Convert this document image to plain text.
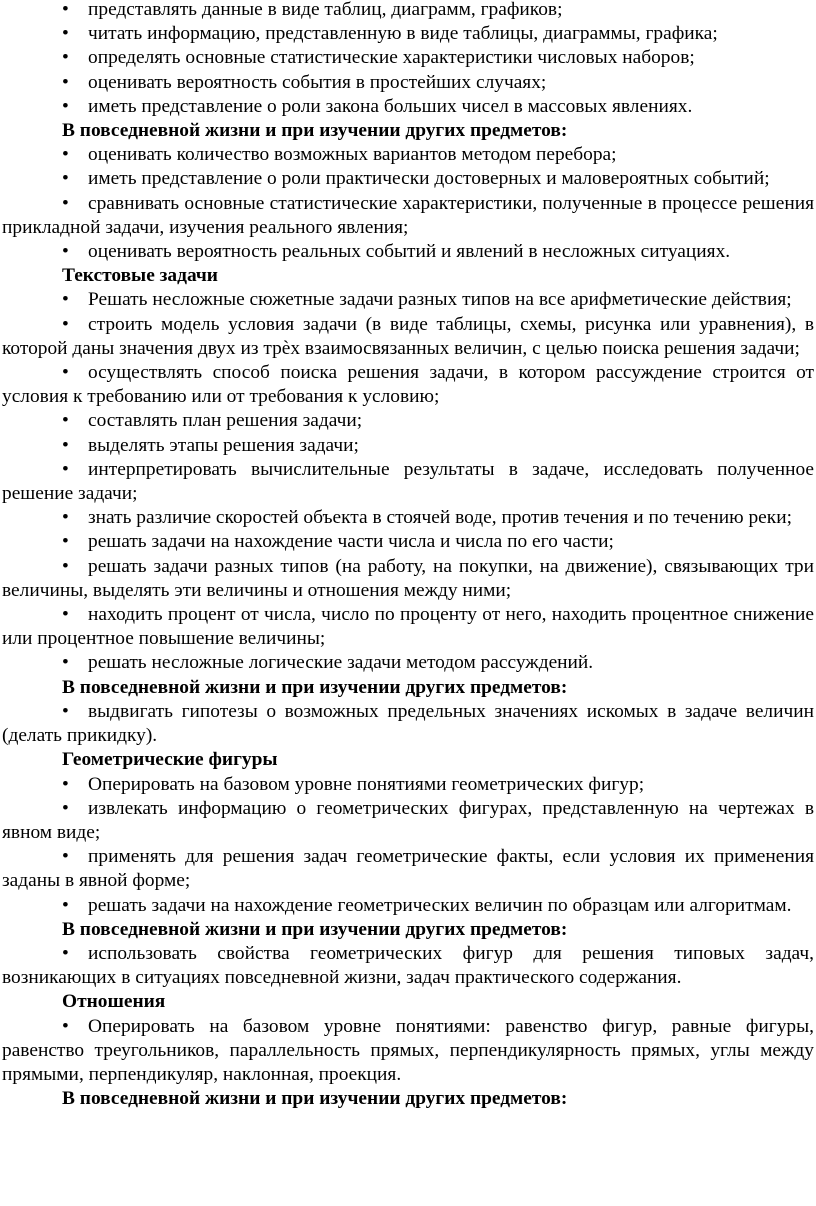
• представлять данные в виде таблиц, диаграмм, графиков;
• читать информацию, представленную в виде таблицы, диаграммы, графика;
• определять основные статистические характеристики числовых наборов;
• оценивать вероятность события в простейших случаях;
• иметь представление о роли закона больших чисел в массовых явлениях.
В повседневной жизни и при изучении других предметов:
• оценивать количество возможных вариантов методом перебора;
• иметь представление о роли практически достоверных и маловероятных событий;
• сравнивать основные статистические характеристики, полученные в процессе решения прикладной задачи, изучения реального явления;
• оценивать вероятность реальных событий и явлений в несложных ситуациях.
Текстовые задачи
• Решать несложные сюжетные задачи разных типов на все арифметические действия;
• строить модель условия задачи (в виде таблицы, схемы, рисунка или уравнения), в которой даны значения двух из трѐх взаимосвязанных величин, с целью поиска решения задачи;
• осуществлять способ поиска решения задачи, в котором рассуждение строится от условия к требованию или от требования к условию;
• составлять план решения задачи;
• выделять этапы решения задачи;
• интерпретировать вычислительные результаты в задаче, исследовать полученное решение задачи;
• знать различие скоростей объекта в стоячей воде, против течения и по течению реки;
• решать задачи на нахождение части числа и числа по его части;
• решать задачи разных типов (на работу, на покупки, на движение), связывающих три величины, выделять эти величины и отношения между ними;
• находить процент от числа, число по проценту от него, находить процентное снижение или процентное повышение величины;
• решать несложные логические задачи методом рассуждений.
В повседневной жизни и при изучении других предметов:
• выдвигать гипотезы о возможных предельных значениях искомых в задаче величин (делать прикидку).
Геометрические фигуры
• Оперировать на базовом уровне понятиями геометрических фигур;
• извлекать информацию о геометрических фигурах, представленную на чертежах в явном виде;
• применять для решения задач геометрические факты, если условия их применения заданы в явной форме;
• решать задачи на нахождение геометрических величин по образцам или алгоритмам.
В повседневной жизни и при изучении других предметов:
• использовать свойства геометрических фигур для решения типовых задач, возникающих в ситуациях повседневной жизни, задач практического содержания.
Отношения
• Оперировать на базовом уровне понятиями: равенство фигур, равные фигуры, равенство треугольников, параллельность прямых, перпендикулярность прямых, углы между прямыми, перпендикуляр, наклонная, проекция.
В повседневной жизни и при изучении других предметов:
